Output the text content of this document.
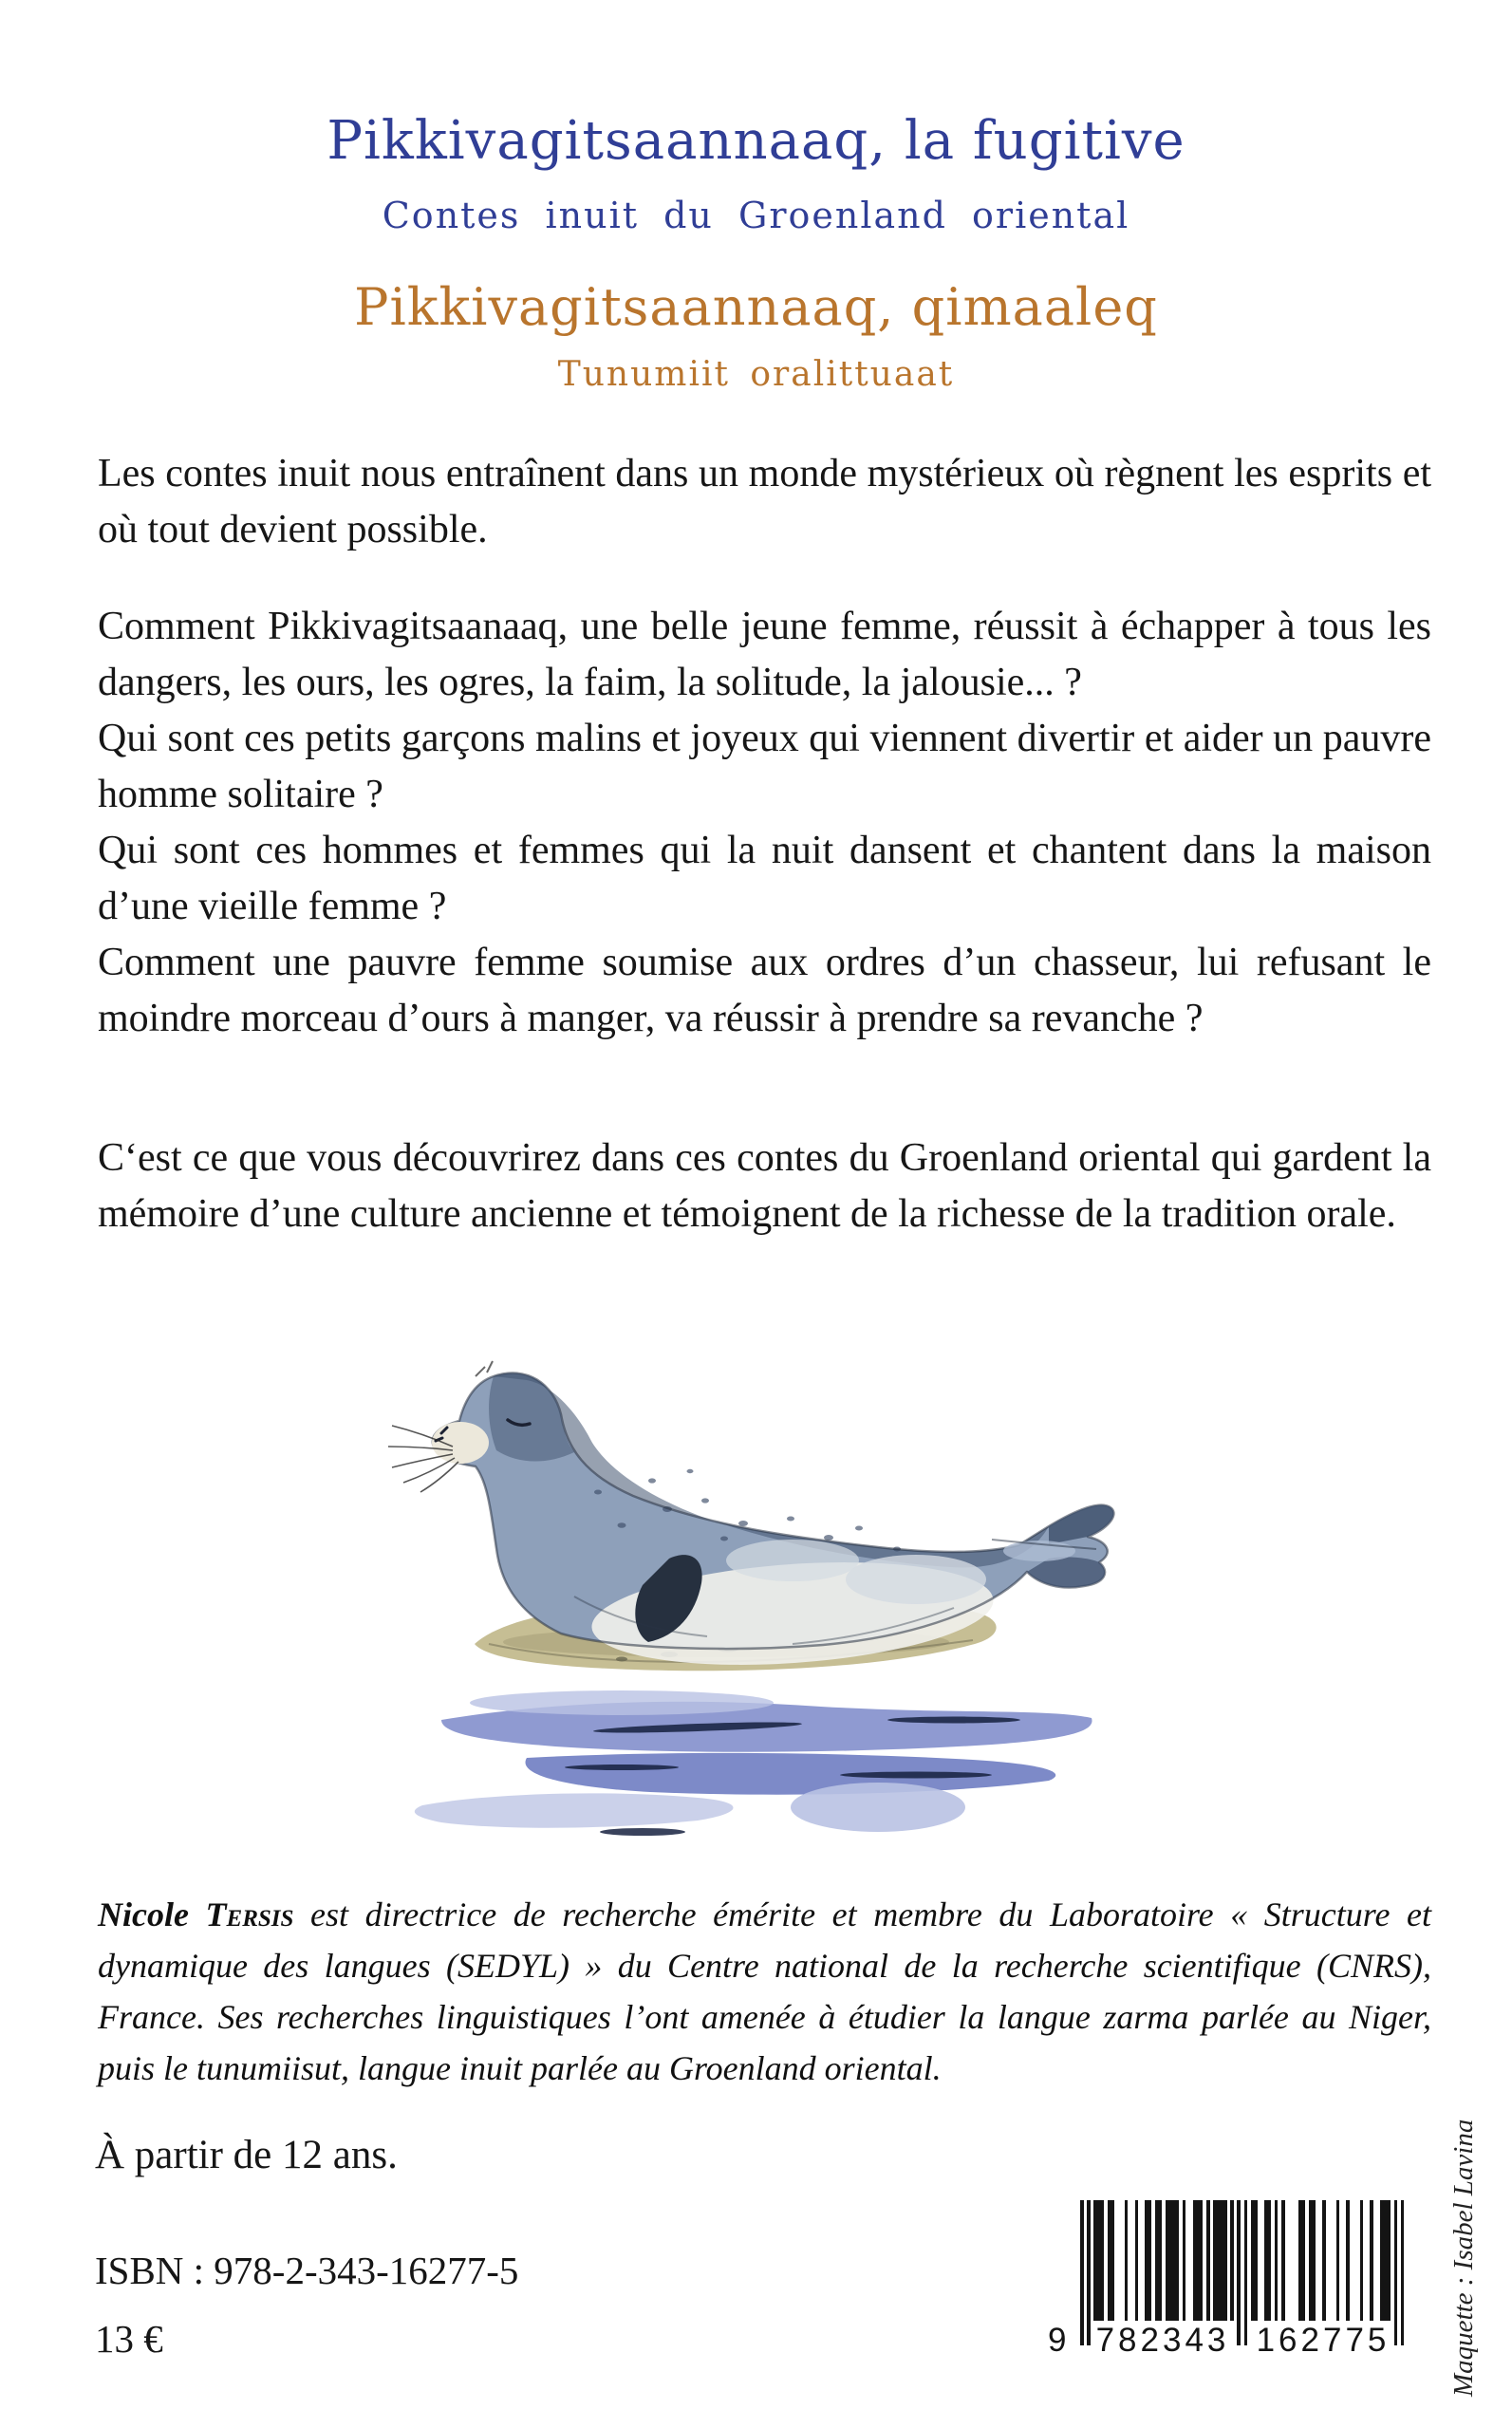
Pikkivagitsaannaaq, la fugitive
Contes inuit du Groenland oriental
Pikkivagitsaannaaq, qimaaleq
Tunumiit oralittuaat

Les contes inuit nous entraînent dans un monde mystérieux où règnent les esprits et où tout devient possible.

Comment Pikkivagitsaanaaq, une belle jeune femme, réussit à échapper à tous les dangers, les ours, les ogres, la faim, la solitude, la jalousie... ?

Qui sont ces petits garçons malins et joyeux qui viennent divertir et aider un pauvre homme solitaire ?

Qui sont ces hommes et femmes qui la nuit dansent et chantent dans la maison d’une vieille femme ?

Comment une pauvre femme soumise aux ordres d’un chasseur, lui refusant le moindre morceau d’ours à manger, va réussir à prendre sa revanche ?

C‘est ce que vous découvrirez dans ces contes du Groenland oriental qui gardent la mémoire d’une culture ancienne et témoignent de la richesse de la tradition orale.

Nicole Tersis est directrice de recherche émérite et membre du Laboratoire « Structure et dynamique des langues (SEDYL) » du Centre national de la recherche scientifique (CNRS), France. Ses recherches linguistiques l’ont amenée à étudier la langue zarma parlée au Niger, puis le tunumiisut, langue inuit parlée au Groenland oriental.

À partir de 12 ans.

ISBN : 978-2-343-16277-5

13 €	9 782343 162775 Maquette : Isabel Lavina
